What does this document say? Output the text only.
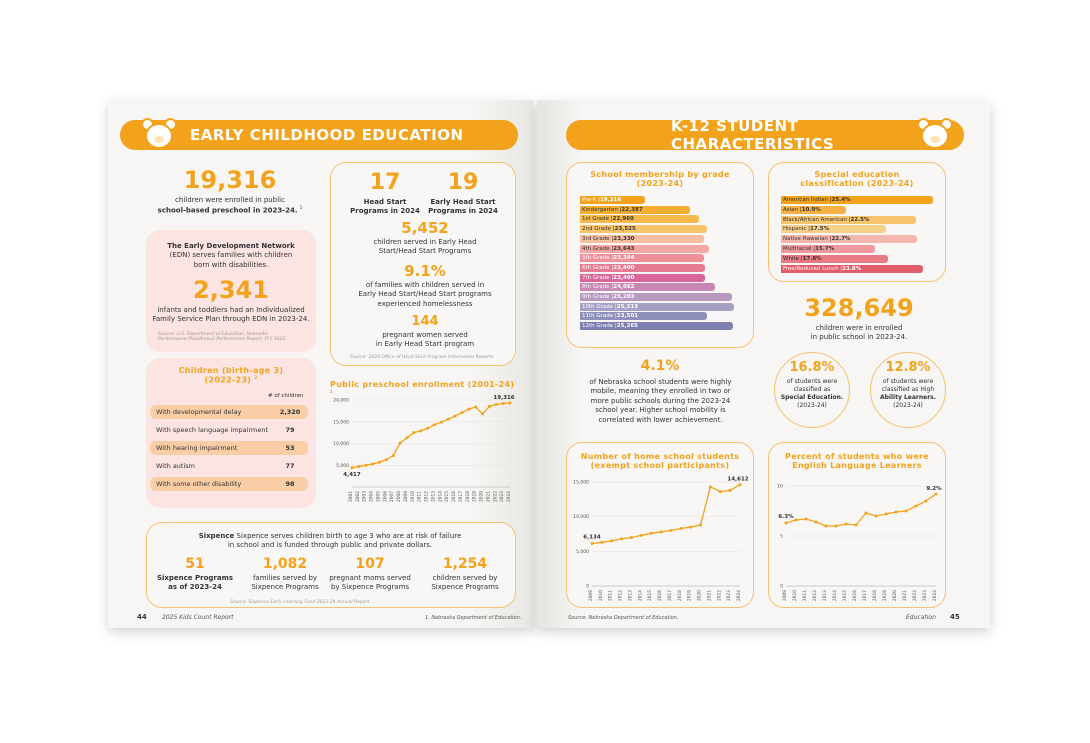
EARLY CHILDHOOD EDUCATION
19,316
children were enrolled in public
school-based preschool in 2023-24. $^1$
The Early Development Network
(EDN) serves families with children
born with disabilities.
2,341
infants and toddlers had an Individualized
Family Service Plan through EDN in 2023-24.
Source: U.S. Department of Education, Nebraska
Performance Plan/Annual Performance Report, FFY 2023.
17
Head Start
Programs in 2024
19
Early Head Start
Programs in 2024
5,452
children served in Early Head
Start/Head Start Programs
9.1%
of families with children served in
Early Head Start/Head Start programs
experienced homelessness
144
pregnant women served
in Early Head Start program
Source: 2024 Office of Head Start Program Information Reports.
Children (birth-age 3)
(2022-23) $^2$
# of children
With developmental delay	2,320
With speech language impairment	79
With hearing impairment	53
With autism	77
With some other disability	98
Public preschool enrollment (2001-24) $^1$
20,000
15,000
10,000
5,000
2001 2002 2003 2004 2005 2006 2007 2008 2009 2010 2011 2012 2013 2014 2015 2016 2017 2018 2019 2020 2021 2022 2023 2024
4,417
19,316
Sixpence Sixpence serves children birth to age 3 who are at risk of failure
in school and is funded through public and private dollars.
51
Sixpence Programs
as of 2023-24
1,082
families served by
Sixpence Programs
107
pregnant moms served
by Sixpence Programs
1,254
children served by
Sixpence Programs
Source: Sixpence Early Learning Fund 2023-24 Annual Report.
44	2025 Kids Count Report	1. Nebraska Department of Education.
K-12 STUDENT CHARACTERISTICS
School membership by grade
(2023-24)
Pre-K | 19,316
Kindergarten | 22,387
1st Grade | 22,960
2nd Grade | 23,525
3rd Grade | 23,330
4th Grade | 23,643
5th Grade | 23,344
6th Grade | 23,400
7th Grade | 23,400
8th Grade | 24,062
9th Grade | 25,203
10th Grade | 25,313
11th Grade | 23,501
12th Grade | 25,265
Special education
classification (2023-24)
American Indian | 25.4%
Asian | 10.9%
Black/African American | 22.5%
Hispanic | 17.5%
Native Hawaiian | 22.7%
Multiracial | 15.7%
White | 17.8%
Free/Reduced Lunch | 23.8%
328,649
children were in enrolled
in public school in 2023-24.
4.1%
of Nebraska school students were highly
mobile, meaning they enrolled in two or
more public schools during the 2023-24
school year. Higher school mobility is
correlated with lower achievement.
16.8%
of students were
classified as
Special Education.
(2023-24)
12.8%
of students were
classified as High
Ability Learners.
(2023-24)
Number of home school students
(exempt school participants)
15,000
10,000
5,000
0
2009 2010 2011 2012 2013 2014 2015 2016 2017 2018 2019 2020 2021 2022 2023 2024
6,134
14,612
Percent of students who were
English Language Learners
10
5
0
2009 2010 2011 2012 2013 2014 2015 2016 2017 2018 2019 2020 2021 2022 2023 2024
6.3%
9.2%
Source: Nebraska Department of Education.	Education 45
